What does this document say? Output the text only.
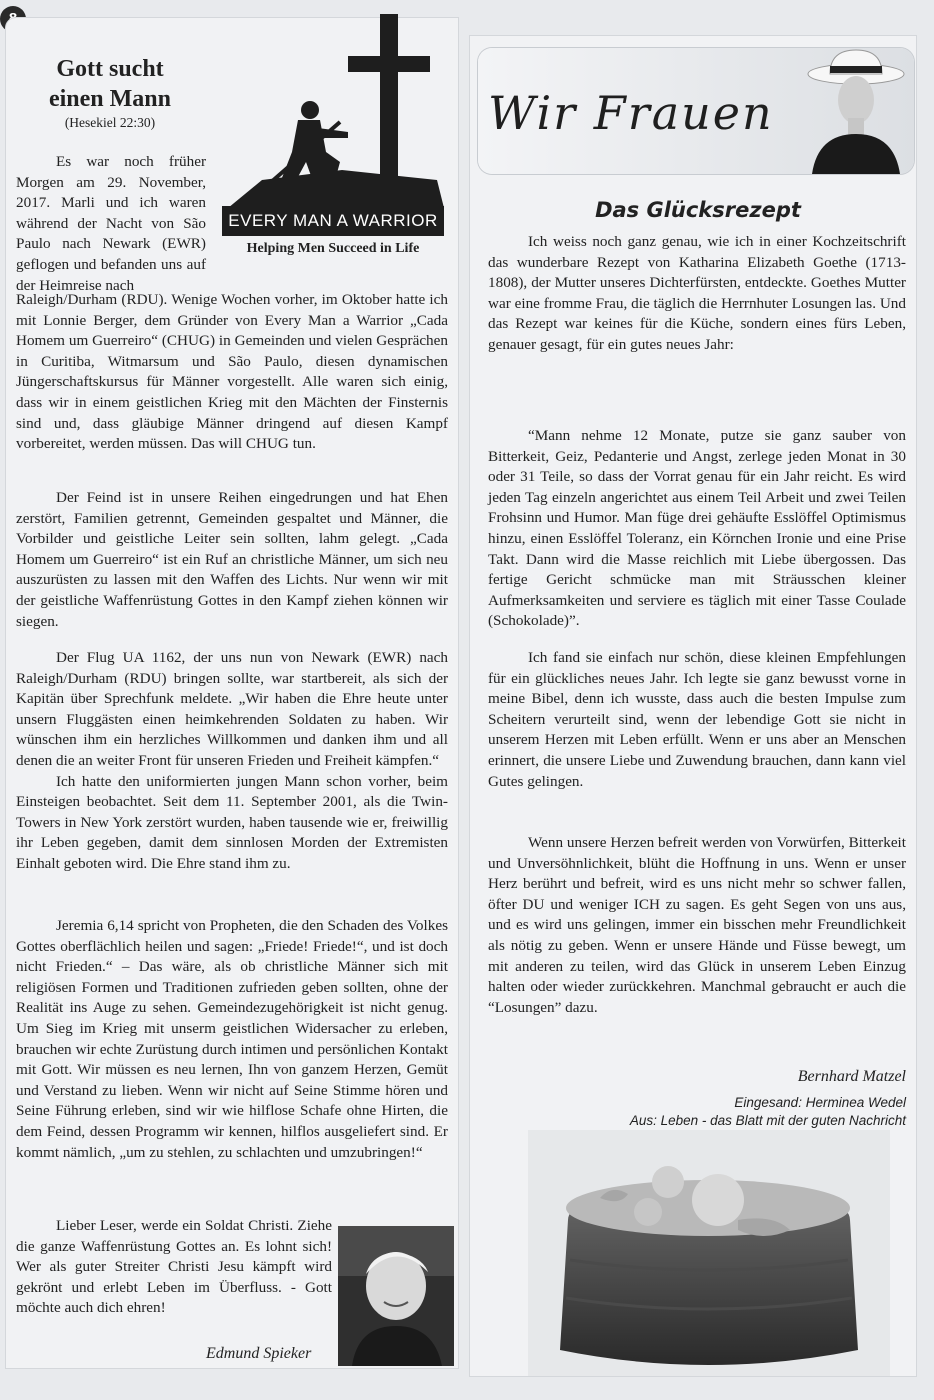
Gott sucht
einen Mann
(Hesekiel 22:30)
EVERY MAN A WARRIOR
Helping Men Succeed in Life

Es war noch früher Morgen am 29. November, 2017. Marli und ich waren während der Nacht von São Paulo nach Newark (EWR) geflogen und befanden uns auf der Heimreise nach

Raleigh/Durham (RDU). Wenige Wochen vorher, im Oktober hatte ich mit Lonnie Berger, dem Gründer von Every Man a Warrior „Cada Homem um Guerreiro“ (CHUG) in Gemeinden und vielen Gesprächen in Curitiba, Witmarsum und São Paulo, diesen dynamischen Jüngerschaftskursus für Männer vorgestellt. Alle waren sich einig, dass wir in einem geistlichen Krieg mit den Mächten der Finsternis sind und, dass gläubige Männer dringend auf diesen Kampf vorbereitet, werden müssen. Das will CHUG tun.

Der Feind ist in unsere Reihen eingedrungen und hat Ehen zerstört, Familien getrennt, Gemeinden gespaltet und Männer, die Vorbilder und geistliche Leiter sein sollten, lahm gelegt. „Cada Homem um Guerreiro“ ist ein Ruf an christliche Männer, um sich neu auszurüsten zu lassen mit den Waffen des Lichts. Nur wenn wir mit der geistliche Waffenrüstung Gottes in den Kampf ziehen können wir siegen.

Der Flug UA 1162, der uns nun von Newark (EWR) nach Raleigh/Durham (RDU) bringen sollte, war startbereit, als sich der Kapitän über Sprechfunk meldete. „Wir haben die Ehre heute unter unsern Fluggästen einen heimkehrenden Soldaten zu haben. Wir wünschen ihm ein herzliches Willkommen und danken ihm und all denen die an weiter Front für unseren Frieden und Freiheit kämpfen.“

Ich hatte den uniformierten jungen Mann schon vorher, beim Einsteigen beobachtet. Seit dem 11. September 2001, als die Twin-Towers in New York zerstört wurden, haben tausende wie er, freiwillig ihr Leben gegeben, damit dem sinnlosen Morden der Extremisten Einhalt geboten wird. Die Ehre stand ihm zu.

Jeremia 6,14 spricht von Propheten, die den Schaden des Volkes Gottes oberflächlich heilen und sagen: „Friede! Friede!“, und ist doch nicht Frieden.“ – Das wäre, als ob christliche Männer sich mit religiösen Formen und Traditionen zufrieden geben sollten, ohne der Realität ins Auge zu sehen. Gemeindezugehörigkeit ist nicht genug. Um Sieg im Krieg mit unserm geistlichen Widersacher zu erleben, brauchen wir echte Zurüstung durch intimen und persönlichen Kontakt mit Gott. Wir müssen es neu lernen, Ihn von ganzem Herzen, Gemüt und Verstand zu lieben. Wenn wir nicht auf Seine Stimme hören und Seine Führung erleben, sind wir wie hilflose Schafe ohne Hirten, die dem Feind, dessen Programm wir kennen, hilflos ausgeliefert sind. Er kommt nämlich, „um zu stehlen, zu schlachten und umzubringen!“

Lieber Leser, werde ein Soldat Christi. Ziehe die ganze Waffenrüstung Gottes an. Es lohnt sich! Wer als guter Streiter Christi Jesu kämpft wird gekrönt und erlebt Leben im Überfluss. - Gott möchte auch dich ehren!

Edmund Spieker
Wir Frauen
Das Glücksrezept

Ich weiss noch ganz genau, wie ich in einer Kochzeitschrift das wunderbare Rezept von Katharina Elizabeth Goethe (1713-1808), der Mutter unseres Dichterfürsten, entdeckte. Goethes Mutter war eine fromme Frau, die täglich die Herrnhuter Losungen las. Und das Rezept war keines für die Küche, sondern eines fürs Leben, genauer gesagt, für ein gutes neues Jahr:

“Mann nehme 12 Monate, putze sie ganz sauber von Bitterkeit, Geiz, Pedanterie und Angst, zerlege jeden Monat in 30 oder 31 Teile, so dass der Vorrat genau für ein Jahr reicht. Es wird jeden Tag einzeln angerichtet aus einem Teil Arbeit und zwei Teilen Frohsinn und Humor. Man füge drei gehäufte Esslöffel Optimismus hinzu, einen Esslöffel Toleranz, ein Körnchen Ironie und eine Prise Takt. Dann wird die Masse reichlich mit Liebe übergossen. Das fertige Gericht schmücke man mit Sträusschen kleiner Aufmerksamkeiten und serviere es täglich mit einer Tasse Coulade (Schokolade)”.

Ich fand sie einfach nur schön, diese kleinen Empfehlungen für ein glückliches neues Jahr. Ich legte sie ganz bewusst vorne in meine Bibel, denn ich wusste, dass auch die besten Impulse zum Scheitern verurteilt sind, wenn der lebendige Gott sie nicht in unserem Herzen mit Leben erfüllt. Wenn er uns aber an Menschen erinnert, die unsere Liebe und Zuwendung brauchen, dann kann viel Gutes gelingen.

Wenn unsere Herzen befreit werden von Vorwürfen, Bitterkeit und Unversöhnlichkeit, blüht die Hoffnung in uns. Wenn er unser Herz berührt und befreit, wird es uns nicht mehr so schwer fallen, öfter DU und weniger ICH zu sagen. Es geht Segen von uns aus, und es wird uns gelingen, immer ein bisschen mehr Freundlichkeit als nötig zu geben. Wenn er unsere Hände und Füsse bewegt, um mit anderen zu teilen, wird das Glück in unserem Leben Einzug halten oder wieder zurückkehren. Manchmal gebraucht er auch die “Losungen” dazu.

Bernhard Matzel
Eingesand: Herminea Wedel
Aus: Leben - das Blatt mit der guten Nachricht
